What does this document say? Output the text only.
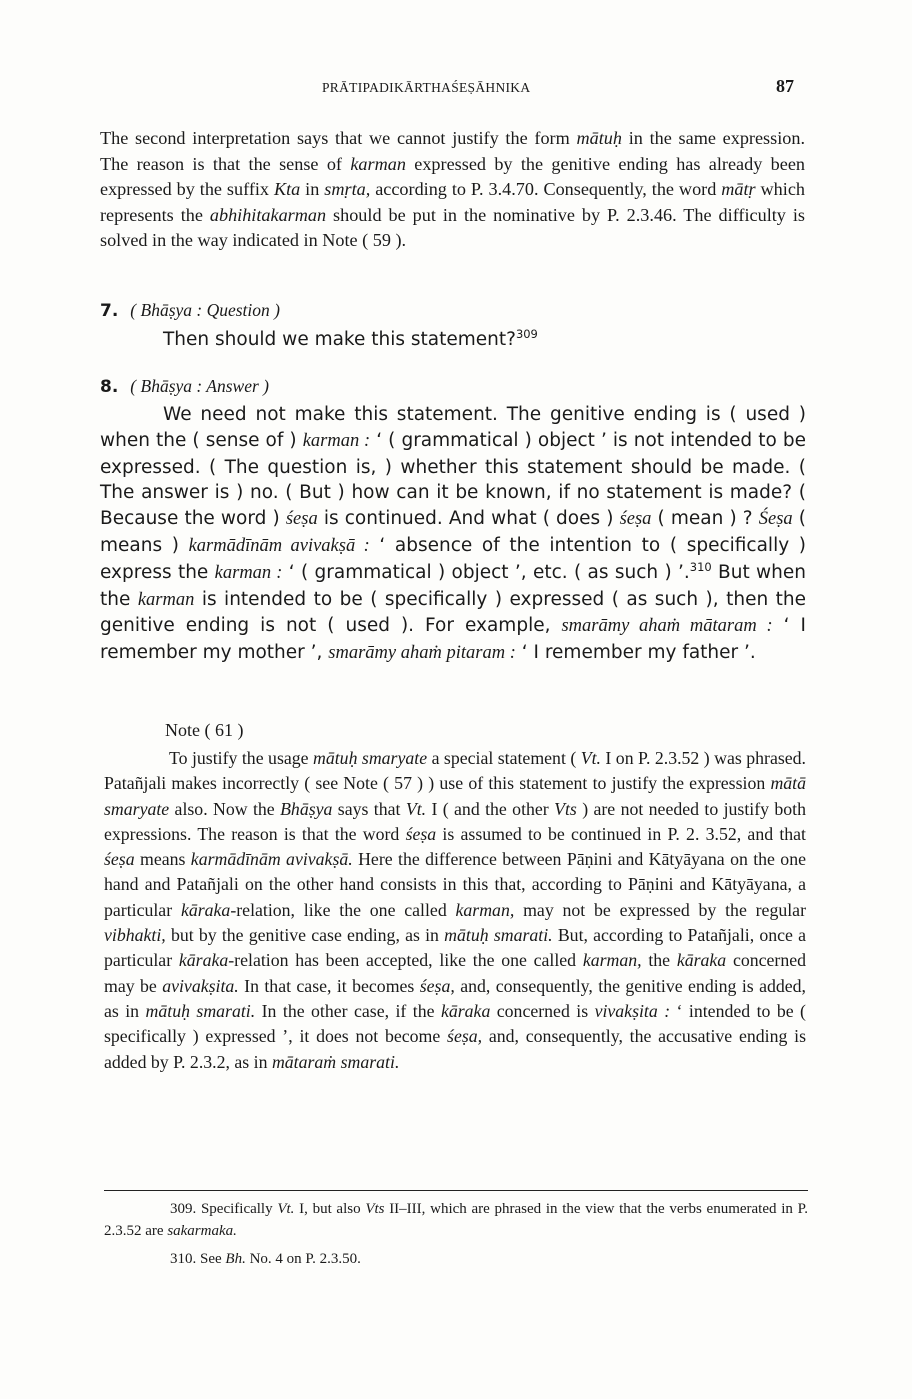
PRĀTIPADIKĀRTHAŚEṢĀHNIKA	87
The second interpretation says that we cannot justify the form mātuḥ in the same expression. The reason is that the sense of karman expressed by the genitive ending has already been expressed by the suffix Kta in smṛta, according to P. 3.4.70. Consequently, the word mātṛ which represents the abhihitakarman should be put in the nominative by P. 2.3.46. The difficulty is solved in the way indicated in Note ( 59 ).
7. ( Bhāṣya : Question )
Then should we make this statement?$^{309}$
8. ( Bhāṣya : Answer )
We need not make this statement. The genitive ending is ( used ) when the ( sense of ) karman : ‘ ( grammatical ) object ’ is not intended to be expressed. ( The question is, ) whether this statement should be made. ( The answer is ) no. ( But ) how can it be known, if no statement is made? ( Because the word ) śeṣa is continued. And what ( does ) śeṣa ( mean ) ? Śeṣa ( means ) karmādīnām avivakṣā : ‘ absence of the intention to ( specifically ) express the karman : ‘ ( grammatical ) object ’, etc. ( as such ) ’.$^{310}$ But when the karman is intended to be ( specifically ) expressed ( as such ), then the genitive ending is not ( used ). For example, smarāmy ahaṁ mātaram : ‘ I remember my mother ’, smarāmy ahaṁ pitaram : ‘ I remember my father ’.
Note ( 61 )
To justify the usage mātuḥ smaryate a special statement ( Vt. I on P. 2.3.52 ) was phrased. Patañjali makes incorrectly ( see Note ( 57 ) ) use of this statement to justify the expression mātā smaryate also. Now the Bhāṣya says that Vt. I ( and the other Vts ) are not needed to justify both expressions. The reason is that the word śeṣa is assumed to be continued in P. 2. 3.52, and that śeṣa means karmādīnām avivakṣā. Here the difference between Pāṇini and Kātyāyana on the one hand and Patañjali on the other hand consists in this that, according to Pāṇini and Kātyāyana, a particular kāraka-relation, like the one called karman, may not be expressed by the regular vibhakti, but by the genitive case ending, as in mātuḥ smarati. But, according to Patañjali, once a particular kāraka-relation has been accepted, like the one called karman, the kāraka concerned may be avivakṣita. In that case, it becomes śeṣa, and, consequently, the genitive ending is added, as in mātuḥ smarati. In the other case, if the kāraka concerned is vivakṣita : ‘ intended to be ( specifically ) expressed ’, it does not become śeṣa, and, consequently, the accusative ending is added by P. 2.3.2, as in mātaraṁ smarati.
309. Specifically Vt. I, but also Vts II–III, which are phrased in the view that the verbs enumerated in P. 2.3.52 are sakarmaka.
310. See Bh. No. 4 on P. 2.3.50.
